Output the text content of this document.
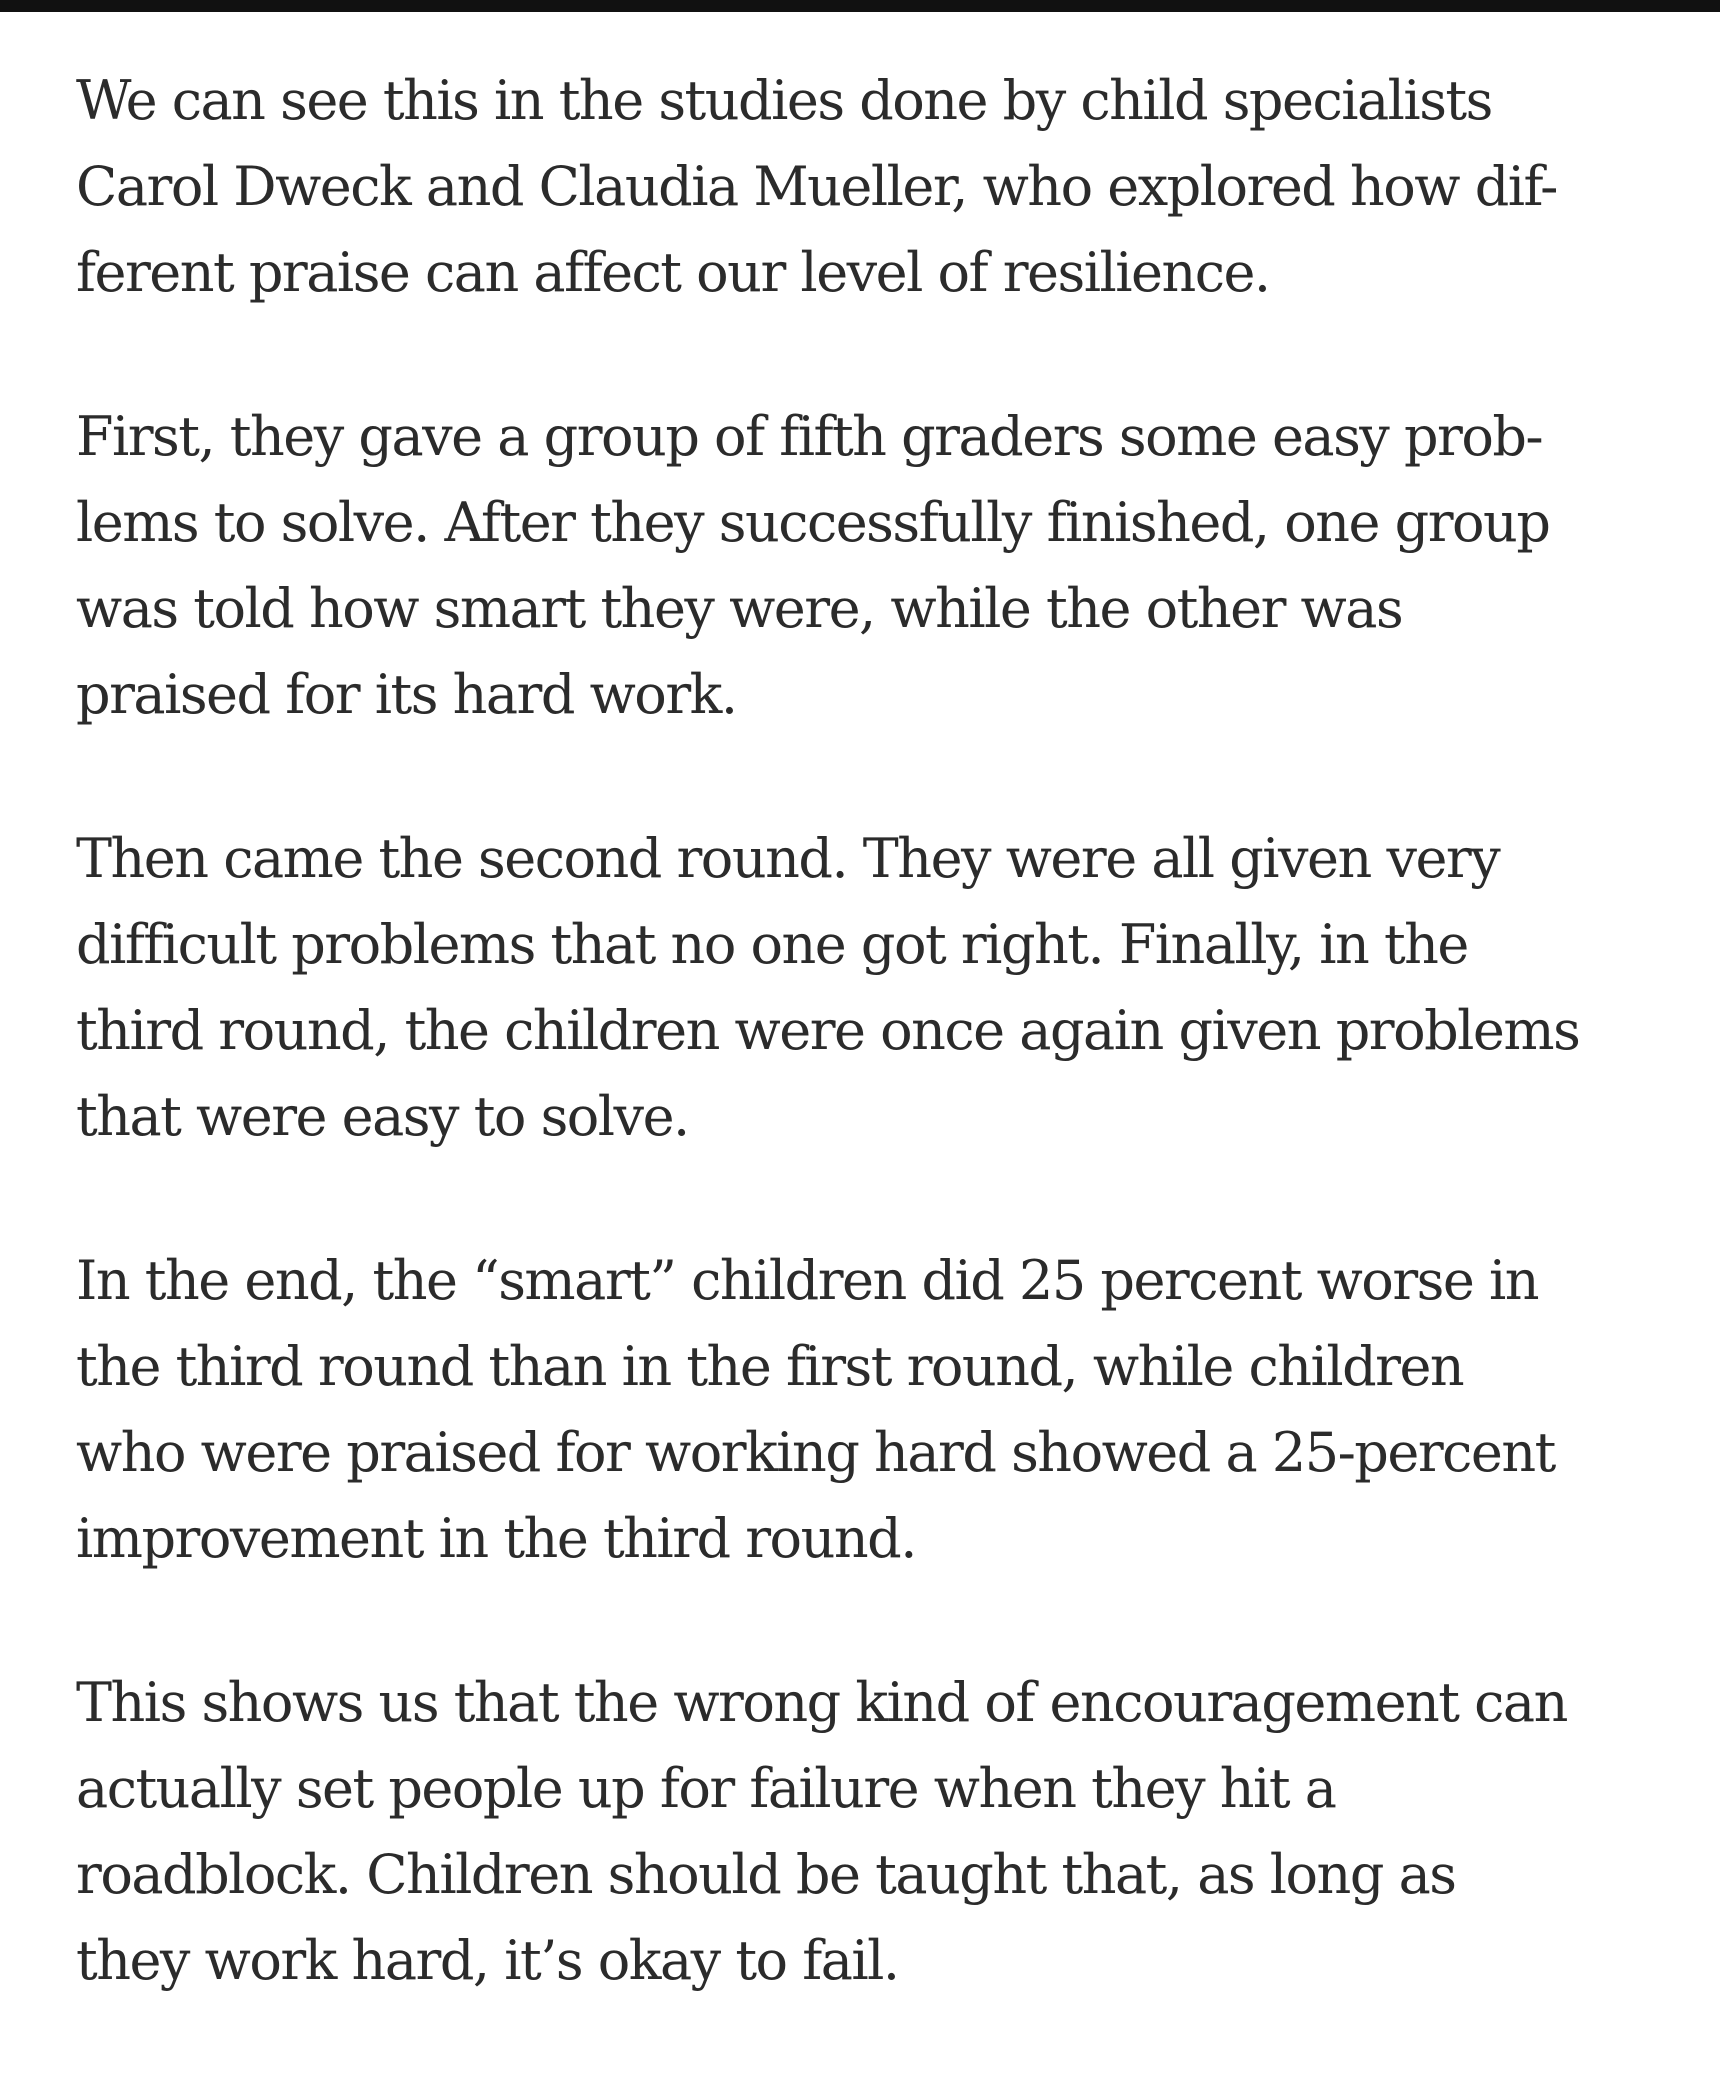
We can see this in the studies done by child specialists
Carol Dweck and Claudia Mueller, who explored how dif-
ferent praise can affect our level of resilience.

First, they gave a group of fifth graders some easy prob-
lems to solve. After they successfully finished, one group
was told how smart they were, while the other was
praised for its hard work.

Then came the second round. They were all given very
difficult problems that no one got right. Finally, in the
third round, the children were once again given problems
that were easy to solve.

In the end, the “smart” children did 25 percent worse in
the third round than in the first round, while children
who were praised for working hard showed a 25-percent
improvement in the third round.

This shows us that the wrong kind of encouragement can
actually set people up for failure when they hit a
roadblock. Children should be taught that, as long as
they work hard, it’s okay to fail.
